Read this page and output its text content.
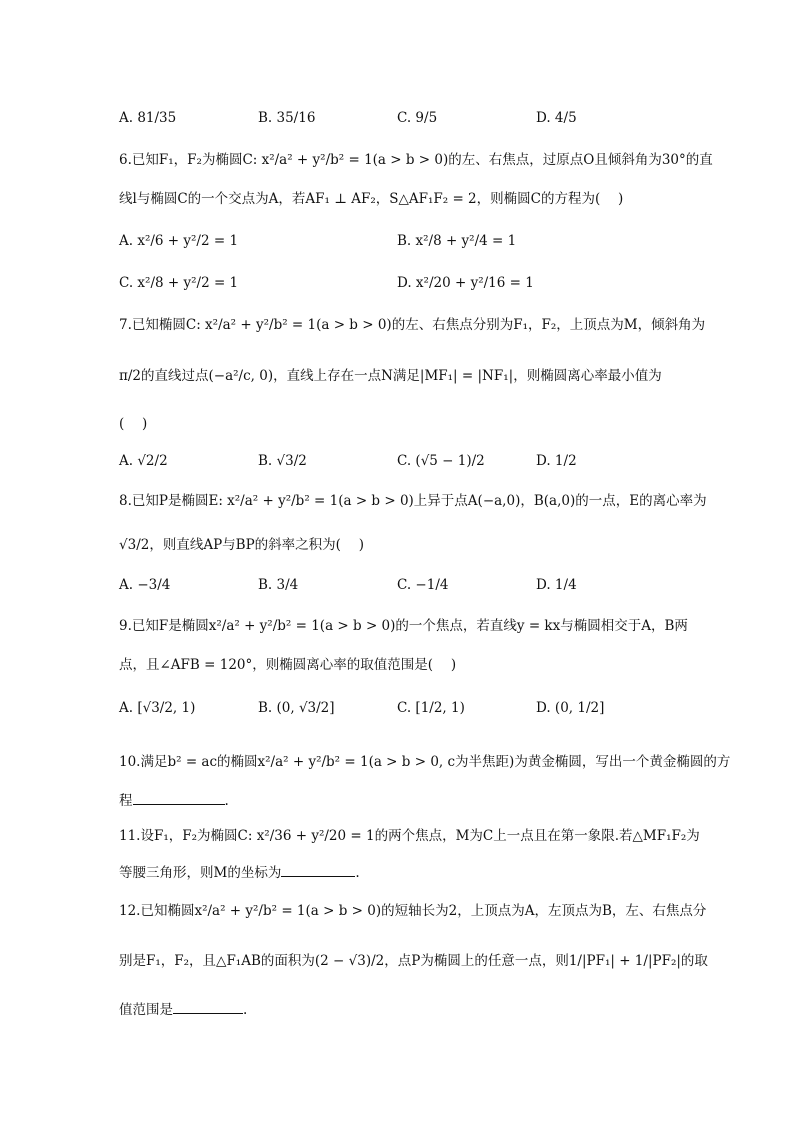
A. 81/35	B. 35/16	C. 9/5	D. 4/5
6.已知F₁，F₂为椭圆C: x²/a² + y²/b² = 1(a > b > 0)的左、右焦点，过原点O且倾斜角为30°的直
线l与椭圆C的一个交点为A，若AF₁ ⊥ AF₂，S△AF₁F₂ = 2，则椭圆C的方程为(　 )
A. x²/6 + y²/2 = 1	B. x²/8 + y²/4 = 1
C. x²/8 + y²/2 = 1	D. x²/20 + y²/16 = 1
7.已知椭圆C: x²/a² + y²/b² = 1(a > b > 0)的左、右焦点分别为F₁，F₂，上顶点为M，倾斜角为
π/2的直线过点(−a²/c, 0)，直线上存在一点N满足|MF₁| = |NF₁|，则椭圆离心率最小值为
(　 )
A. √2/2	B. √3/2	C. (√5 − 1)/2	D. 1/2
8.已知P是椭圆E: x²/a² + y²/b² = 1(a > b > 0)上异于点A(−a,0)，B(a,0)的一点，E的离心率为
√3/2，则直线AP与BP的斜率之积为(　 )
A. −3/4	B. 3/4	C. −1/4	D. 1/4
9.已知F是椭圆x²/a² + y²/b² = 1(a > b > 0)的一个焦点，若直线y = kx与椭圆相交于A，B两
点，且∠AFB = 120°，则椭圆离心率的取值范围是(　 )
A. [√3/2, 1)	B. (0, √3/2]	C. [1/2, 1)	D. (0, 1/2]
10.满足b² = ac的椭圆x²/a² + y²/b² = 1(a > b > 0, c为半焦距)为黄金椭圆，写出一个黄金椭圆的方
程	.
11.设F₁，F₂为椭圆C: x²/36 + y²/20 = 1的两个焦点，M为C上一点且在第一象限.若△MF₁F₂为
等腰三角形，则M的坐标为	.
12.已知椭圆x²/a² + y²/b² = 1(a > b > 0)的短轴长为2，上顶点为A，左顶点为B，左、右焦点分
别是F₁，F₂，且△F₁AB的面积为(2 − √3)/2，点P为椭圆上的任意一点，则1/|PF₁| + 1/|PF₂|的取
值范围是	.
